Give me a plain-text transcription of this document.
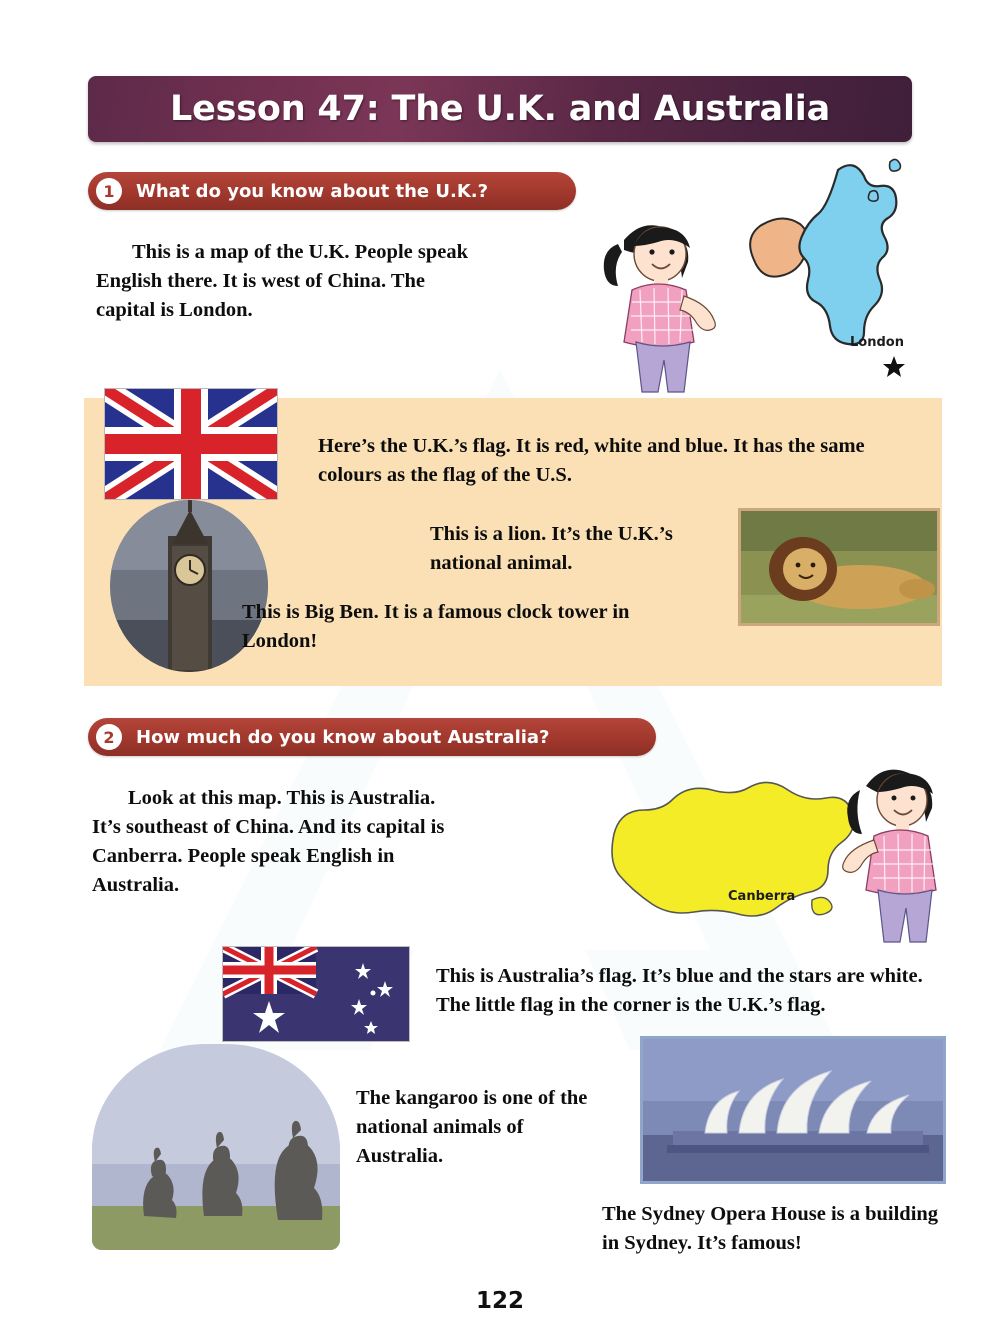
Lesson 47: The U.K. and Australia
1	What do you know about the U.K.?
This is a map of the U.K. People speak English there. It is west of China. The capital is London.
London
Here’s the U.K.’s flag. It is red, white and blue. It has the same colours as the flag of the U.S.
This is a lion. It’s the U.K.’s national animal.
This is Big Ben. It is a famous clock tower in London!
2	How much do you know about Australia?
Look at this map. This is Australia. It’s southeast of China. And its capital is Canberra. People speak English in Australia.
Canberra
This is Australia’s flag. It’s blue and the stars are white. The little flag in the corner is the U.K.’s flag.
The kangaroo is one of the national animals of Australia.
The Sydney Opera House is a building in Sydney. It’s famous!
122
